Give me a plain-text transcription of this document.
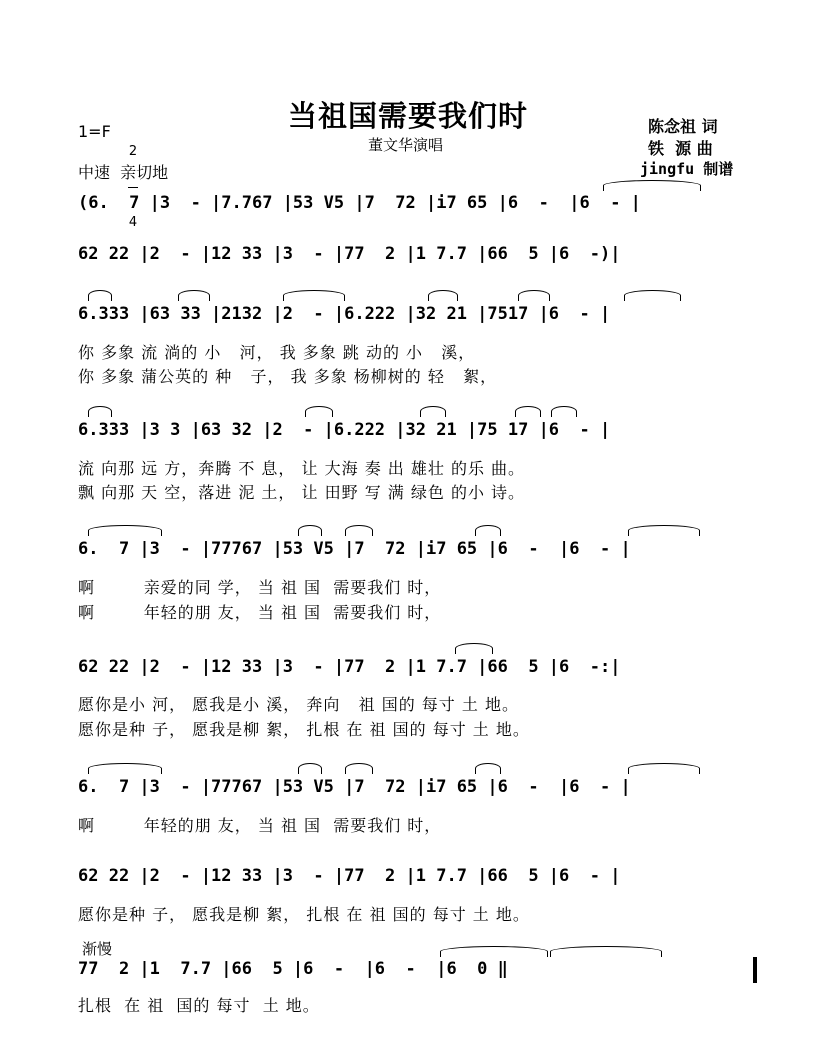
当祖国需要我们时
董文华演唱
1=F

2

4

中速  亲切地
陈念祖 词
铁  源 曲
jingfu 制谱
(6.  7 |3  - |7.767 |53 V5 |7  72 |i7 65 |6  -  |6  - |
62 22 |2  - |12 33 |3  - |77  2 |1 7.7 |66  5 |6  -)|
6.333 |63 33 |2132 |2  - |6.222 |32 21 |7517 |6  - |
你 多象 流 淌的 小   河， 我 多象 跳 动的 小   溪，
你 多象 蒲公英的 种   子， 我 多象 杨柳树的 轻   絮，
6.333 |3 3 |63 32 |2  - |6.222 |32 21 |75 17 |6  - |
流 向那 远 方，奔腾 不 息， 让 大海 奏 出 雄壮 的乐 曲。
飘 向那 天 空，落进 泥 土， 让 田野 写 满 绿色 的小 诗。
6.  7 |3  - |77767 |53 V5 |7  72 |i7 65 |6  -  |6  - |
啊        亲爱的同 学， 当 祖 国  需要我们 时，
啊        年轻的朋 友， 当 祖 国  需要我们 时，
62 22 |2  - |12 33 |3  - |77  2 |1 7.7 |66  5 |6  -:|
愿你是小 河， 愿我是小 溪， 奔向   祖 国的 每寸 土 地。
愿你是种 子， 愿我是柳 絮， 扎根 在 祖 国的 每寸 土 地。
6.  7 |3  - |77767 |53 V5 |7  72 |i7 65 |6  -  |6  - |
啊        年轻的朋 友， 当 祖 国  需要我们 时，
62 22 |2  - |12 33 |3  - |77  2 |1 7.7 |66  5 |6  - |
愿你是种 子， 愿我是柳 絮， 扎根 在 祖 国的 每寸 土 地。
渐慢
77  2 |1  7.7 |66  5 |6  -  |6  -  |6  0 ‖
扎根  在 祖  国的 每寸  土 地。
